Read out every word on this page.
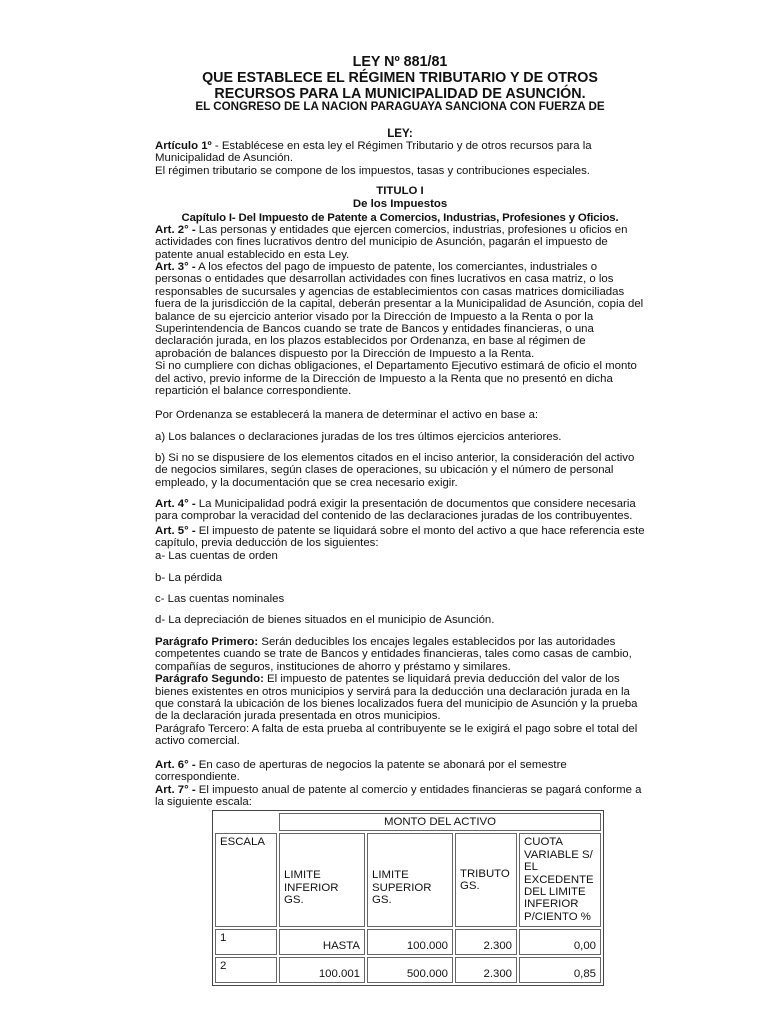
LEY Nº 881/81
QUE ESTABLECE EL RÉGIMEN TRIBUTARIO Y DE OTROS
RECURSOS PARA LA MUNICIPALIDAD DE ASUNCIÓN.
EL CONGRESO DE LA NACION PARAGUAYA SANCIONA CON FUERZA DE
LEY:

Artículo 1º - Establécese en esta ley el Régimen Tributario y de otros recursos para la Municipalidad de Asunción.

El régimen tributario se compone de los impuestos, tasas y contribuciones especiales.

TITULO I
De los Impuestos
Capítulo I- Del Impuesto de Patente a Comercios, Industrias, Profesiones y Oficios.

Art. 2° - Las personas y entidades que ejercen comercios, industrias, profesiones u oficios en actividades con fines lucrativos dentro del municipio de Asunción, pagarán el impuesto de patente anual establecido en esta Ley.

Art. 3° - A los efectos del pago de impuesto de patente, los comerciantes, industriales o personas o entidades que desarrollan actividades con fines lucrativos en casa matriz, o los responsables de sucursales y agencias de establecimientos con casas matrices domiciliadas fuera de la jurisdicción de la capital, deberán presentar a la Municipalidad de Asunción, copia del balance de su ejercicio anterior visado por la Dirección de Impuesto a la Renta o por la Superintendencia de Bancos cuando se trate de Bancos y entidades financieras, o una declaración jurada, en los plazos establecidos por Ordenanza, en base al régimen de aprobación de balances dispuesto por la Dirección de Impuesto a la Renta.

Si no cumpliere con dichas obligaciones, el Departamento Ejecutivo estimará de oficio el monto del activo, previo informe de la Dirección de Impuesto a la Renta que no presentó en dicha repartición el balance correspondiente.

Por Ordenanza se establecerá la manera de determinar el activo en base a:
a) Los balances o declaraciones juradas de los tres últimos ejercicios anteriores.
b) Si no se dispusiere de los elementos citados en el inciso anterior, la consideración del activo de negocios similares, según clases de operaciones, su ubicación y el número de personal empleado, y la documentación que se crea necesario exigir.

Art. 4° - La Municipalidad podrá exigir la presentación de documentos que considere necesaria para comprobar la veracidad del contenido de las declaraciones juradas de los contribuyentes.

Art. 5° - El impuesto de patente se liquidará sobre el monto del activo a que hace referencia este capítulo, previa deducción de los siguientes:

a- Las cuentas de orden

b- La pérdida
c- Las cuentas nominales
d- La depreciación de bienes situados en el municipio de Asunción.

Parágrafo Primero: Serán deducibles los encajes legales establecidos por las autoridades competentes cuando se trate de Bancos y entidades financieras, tales como casas de cambio, compañías de seguros, instituciones de ahorro y préstamo y similares.

Parágrafo Segundo: El impuesto de patentes se liquidará previa deducción del valor de los bienes existentes en otros municipios y servirá para la deducción una declaración jurada en la que constará la ubicación de los bienes localizados fuera del municipio de Asunción y la prueba de la declaración jurada presentada en otros municipios.

Parágrafo Tercero: A falta de esta prueba al contribuyente se le exigirá el pago sobre el total del activo comercial.

Art. 6° - En caso de aperturas de negocios la patente se abonará por el semestre correspondiente.

Art. 7° - El impuesto anual de patente al comercio y entidades financieras se pagará conforme a la siguiente escala:

	MONTO DEL ACTIVO			
ESCALA	LIMITE INFERIOR GS.	LIMITE SUPERIOR GS.	TRIBUTO GS.	CUOTA VARIABLE S/ EL EXCEDENTE DEL LIMITE INFERIOR P/CIENTO %
1	HASTA	100.000	2.300	0,00
2	100.001	500.000	2.300	0,85
